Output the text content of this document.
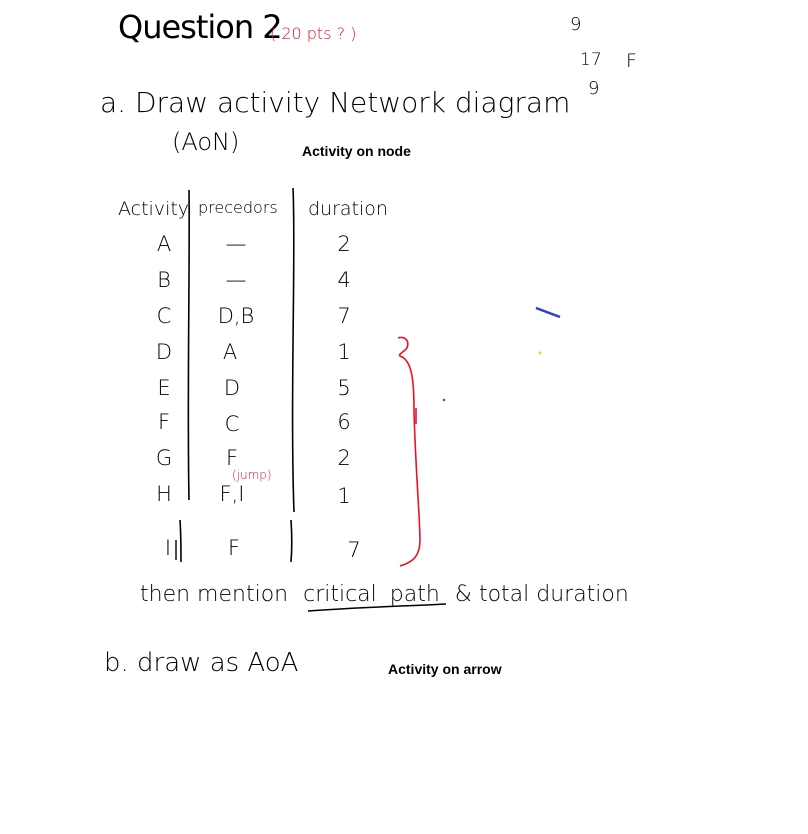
Question 2
( 20 pts ? )	9
17 F
9
a. Draw activity Network diagram
(AoN)	Activity on node
Activity precedors duration
A	—	2
B	—	4
C	D,B	7
D	A	1
E	D	5
F	C	6
G	F	2
H	F,I	1
(jump)
I	F	7
then mention critical path & total duration
b. draw as AoA	Activity on arrow
